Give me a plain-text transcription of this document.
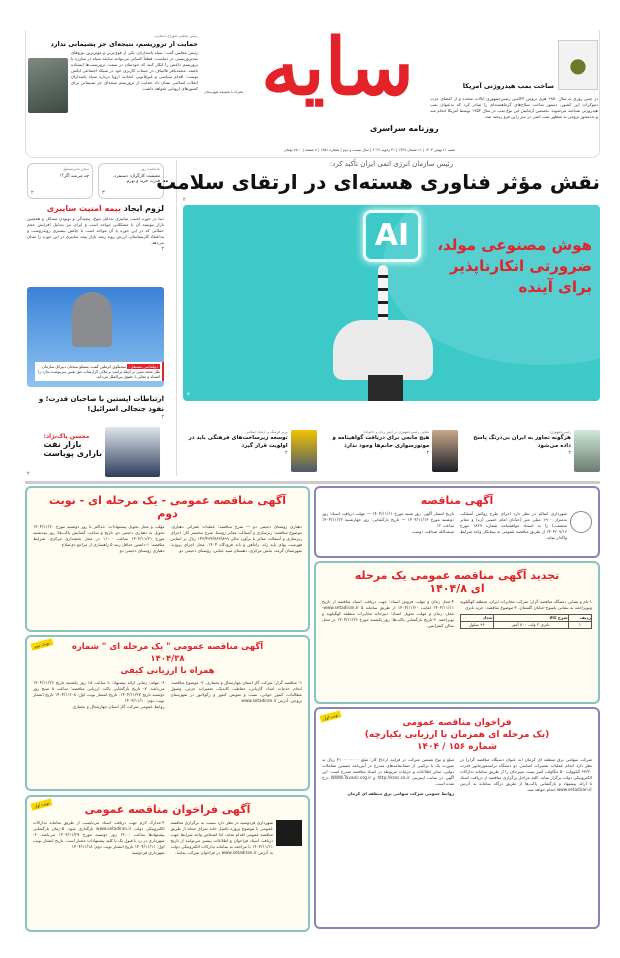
رئیس مجلس شورای اسلامی:
حمایت از تروریسم، نتیجه‌ای جز پشیمانی ندارد
رئیس مجلس گفت: سپاه پاسداران، یکی از قوی‌ترین و مؤثرترین نیروهای ضدتروریستی در دنیاست، قطعاً کسانی می‌توانند سابقه سپاه در مبارزه با تروریسم داعش را انکار کنند که خودشان در سمت تروریست‌ها ایستاده باشند. محمدباقر قالیباف در حساب کاربری خود در شبکه اجتماعی ایکس نوشت: اقدام سیاسی و غیرقانونی اتحادیه اروپا درباره سپاه پاسداران انقلاب اسلامی نشان داد حمایت از تروریسم نتیجه‌ای جز پشیمانی برای کشورهای اروپایی نخواهد داشت. سایه
همراه با ضمیمه شهرستان
روزنامه سراسری
شنبه ۱۱ بهمن ۱۴۰۴ | ۱۱ شعبان ۱۴۴۷ | ۳۱ ژانویه ۲۰۲۶ | سال بیست و دوم | شماره ۱۹۵۱ | ۸ صفحه | ۱۵۰۰ تومان
●
ساخت بمب هیدروژنی آمریکا
در چنین روزی به سال ۱۹۵۰ هری ترومن ۳۳امین رئیس‌جمهوری ایالات متحده و از اعضای حزب دموکرات این کشور، دستور ساخت سلاح‌های گرماهسته‌ای را صادر کرد که به‌عنوان بمب هیدروژنی شناخته می‌شوند. نخستین آزمایش این نوع بمب در سال ۱۹۵۲ توسط آمریکا انجام شد و به‌دستور ترومن به منظور بمب اتمی در سر ژاپن فرو ریخته شد.
یادداشت روز
معیشت کارگران؛ دستمزد، قدرت خرید و تورم
۳
سخن مدیرمسئول
چه می‌شد اگر؟!
۲
لزوم ایجاد بیمه امنیت سایبری
دنیا در حوزه امنیت سایبری به‌دلیل تنوع، پیچیدگی و نوبودن مسائل و همچنین بازار پیوسته آن با مشکلاتی مواجه است و ایران نیز به‌دلیل افزایش حجم حملاتی که در این حوزه با آن مواجه است با چالش بیشتری روبه‌روست و به‌اعتقاد کارشناسان، ارزش روبه رشد بازار بیمه سایبری در این حوزه را نشان می‌دهد.
۲
دیپلماسی مستقل: سخنگوی کرملین گفت: مسکو سخنان دبیرکل سازمان ملل متحد مبنی بر اینکه ترامپ برخلاف گزارشات حق تعیین سرنوشت ندارد را اشتباه و مغایر با حقوق بین‌الملل می‌داند.
ارتباطات اپستین با صاحبان قدرت؛ و نفوذ جنجالی اسرائیل!
۲
محسن پاک‌نژاد:
بازار نفت
بازاری پویاست
۲
رئیس سازمان انرژی اتمی ایران تأکید کرد:
نقش مؤثر فناوری هسته‌ای در ارتقای سلامت
۲
AI	هوش مصنوعی مولد،
ضرورتی انکارناپذیر
برای آینده
۳
رئیس‌جمهوری:
هرگونه تجاوز به ایران بی‌درنگ پاسخ داده می‌شود
۲
معاون رئیس‌جمهوری در امور زنان و خانواده:
هیچ مانعی برای دریافت گواهینامه و موتورسواری خانم‌ها وجود ندارد
۲
وزیر فرهنگ و ارشاد اسلامی:
توسعه زیرساخت‌های فرهنگی باید در اولویت قرار گیرد
۲
آگهی مناقصه
شهرداری اسالم در نظر دارد اجرای طرح روکش آسفالت به‌متراژ ۱۹۰۰ میلی متر (خیابان امام خمینی (ره) و معابر منشعب) را به استناد موافقتنامه شماره ۱۸۲۹ مورخ ۱۴۰۴/۰۹/۱۶ از طریق مناقصه عمومی به پیمانکار واجد شرایط واگذار نماید.
تاریخ انتشار آگهی: روز شنبه مورخ ۱۴۰۴/۱۱/۱۱ — مهلت دریافت اسناد: روز دوشنبه مورخ ۱۴۰۴/۱۱/۱۳ — تاریخ بازگشایی: روز چهارشنبه ۱۴۰۴/۱۱/۲۲ ساعت ۱۲
سیف‌الله صداقت دوست
تجدید آگهی مناقصه عمومی یک مرحله ای ۱۴۰۴/۸
۱-نام و نشانی دستگاه مناقصه گزار: شرکت مخابرات ایران، منطقه کهگیلویه وبویراحمد به نشانی یاسوج-خیابان گلستان. ۲-موضوع مناقصه: خرید باتری
ردیف	شرح کالا	تعداد
۱	باتری ۲ ولت ۸۰۰ آمپر	۹۶ سلول
۴-محل زمان و مهلت فروش اسناد: جهت دریافت اسناد مناقصه از تاریخ ۱۴۰۴/۱۱/۱۱ لغایت ۱۴۰۴/۱۱/۲۰ از طریق سامانه www.setadiran.ir ۵-محل، زمان و مهلت تحویل اسناد: دبیرخانه مخابرات منطقه کهگیلویه و بویراحمد. ۶-تاریخ بازگشایی پاکت‌ها: روز یکشنبه مورخ ۱۴۰۴/۱۱/۲۶ در محل سالن کنفرانس.
نوبت اول
فراخوان مناقصه عمومی
(یک مرحله ای همزمان با ارزیابی یکپارچه) شماره ۱۵۶ / ۱۴۰۴
شرکت سهامی برق منطقه ای کرمان (به عنوان دستگاه مناقصه گزار) در نظر دارد انجام عملیات تعمیرات اساسی دو دستگاه ترانسفورماتور قدرت ۶۳/۲۰ کیلوولت ۵۰ مگاولت آمپر پست سیرجان را از طریق سامانه تدارکات الکترونیکی دولت برگزار نماید. کلیه مراحل برگزاری مناقصه از دریافت اسناد تا ارائه پیشنهاد و بازگشایی پاکت‌ها از طریق درگاه سامانه به آدرس www.setadiran.ir انجام خواهد شد.
مبلغ و نوع تضمین شرکت در فرایند ارجاع کار: مبلغ ۳۱۰۰۰۰۰۰۰۰ ریال به صورت یک یا ترکیبی از ضمانتنامه‌های مندرج در آیین‌نامه تضمین معاملات دولتی. سایر اطلاعات و جزئیات مربوطه در اسناد مناقصه مندرج است. این آگهی در سایت اینترنتی http://krec.co.ir و WWW.Tavanir.org.ir درج شده است.
روابط عمومی شرکت سهامی برق منطقه ای کرمان
آگهی مناقصه عمومی - یک مرحله ای - نوبت دوم
دهیاری روستای دحیمی دو — شرح مناقصه: عملیات عمرانی دهیاری. موضوع مناقصه: زیرسازی و آسفالت معابر روستا. شرح مختصر کار: اجرای زیرسازی و آسفالت معابر با برآورد مالی ۱۴۳/۴۹۴/۷۶۳/۸۹۹ ریال بر اساس فهرست بهای پایه راه، راه‌آهن و باند فرودگاه ۱۴۰۴. محل اجرای پروژه: شهرستان گرمه، بخش مرکزی، دهستان سید عباس، روستای دحیمی دو.
مهلت و محل تحویل پیشنهادات: حداکثر تا روز دوشنبه مورخ ۱۴۰۴/۱۱/۲۰ تحویل به دهیاری دحیمی دو. تاریخ و ساعت گشایش پاکت‌ها: روز سه‌شنبه مورخ ۱۴۰۴/۱۱/۲۱ ساعت ۱۱:۰۰ در محل بخشداری مرکزی. شرایط مناقصه: ۱-داشتن حداقل رتبه ۵ راهسازی از مراجع ذی‌صلاح.
دهیاری روستای دحیمی دو
نوبت دوم	آگهی مناقصه عمومی " یک مرحله ای " شماره ۱۴۰۴/۳۸
همراه با ارزیابی کیفی
۱- مناقصه گزار: شرکت گاز استان چهارمحال و بختیاری. ۲- موضوع مناقصه: انجام خدمات امداد گازبانی، حفاظت کاتدیک، تعمیرات جزئی، وصول مطالبات، کنتور خوانی، نصب و تعویض کنتور و رگولاتور در شهرستان بروجن. آدرس www.setadiran.ir
۶- مهلت زمانی ارائه پیشنهاد: تا ساعت ۱۸ روز یکشنبه تاریخ ۱۴۰۴/۱۱/۲۶ می‌باشد. ۷- تاریخ بازگشایی پاکت ارزیابی مناقصه: ساعت ۸ صبح روز دوشنبه تاریخ ۱۴۰۴/۱۱/۲۷. تاریخ انتشار نوبت اول: ۱۴۰۴/۱۱/۰۸ تاریخ انتشار نوبت دوم: ۱۴۰۴/۱۱/۱۰
روابط عمومی شرکت گاز استان چهارمحال و بختیاری
نوبت اول	آگهی فراخوان مناقصه عمومی
شهرداری فردوسیه در نظر دارد نسبت به برگزاری مناقصه عمومی با موضوع پروژه تکمیل خانه سرای محله از طریق مناقصه عمومی اقدام نماید. لذا اشخاص واجد شرایط جهت دریافت اسناد فراخوان و اطلاعات بیشتر می‌توانند از تاریخ ۱۴۰۴/۱۱/۱۱ با مراجعه به سامانه تدارکات الکترونیکی دولت به آدرس www.setadiran.ir در فراخوان شرکت نمایند.
۲-مدارک لازم جهت دریافت اسناد می‌بایست از طریق سامانه تدارکات الکترونیکی دولت www.setadiran.ir بارگذاری شود. ۵-زمان بازگشایی پیشنهادها ساعت ۱۴:۰۰ روز دوشنبه مورخ ۱۴۰۴/۱۱/۲۷ می‌باشد. ۶-شهرداری در رد یا قبول یک یا کلیه پیشنهادات مختار است. تاریخ انتشار نوبت اول: ۱۴۰۴/۱۱/۱۱ تاریخ انتشار نوبت دوم: ۱۴۰۴/۱۱/۱۸
شهرداری فردوسیه
